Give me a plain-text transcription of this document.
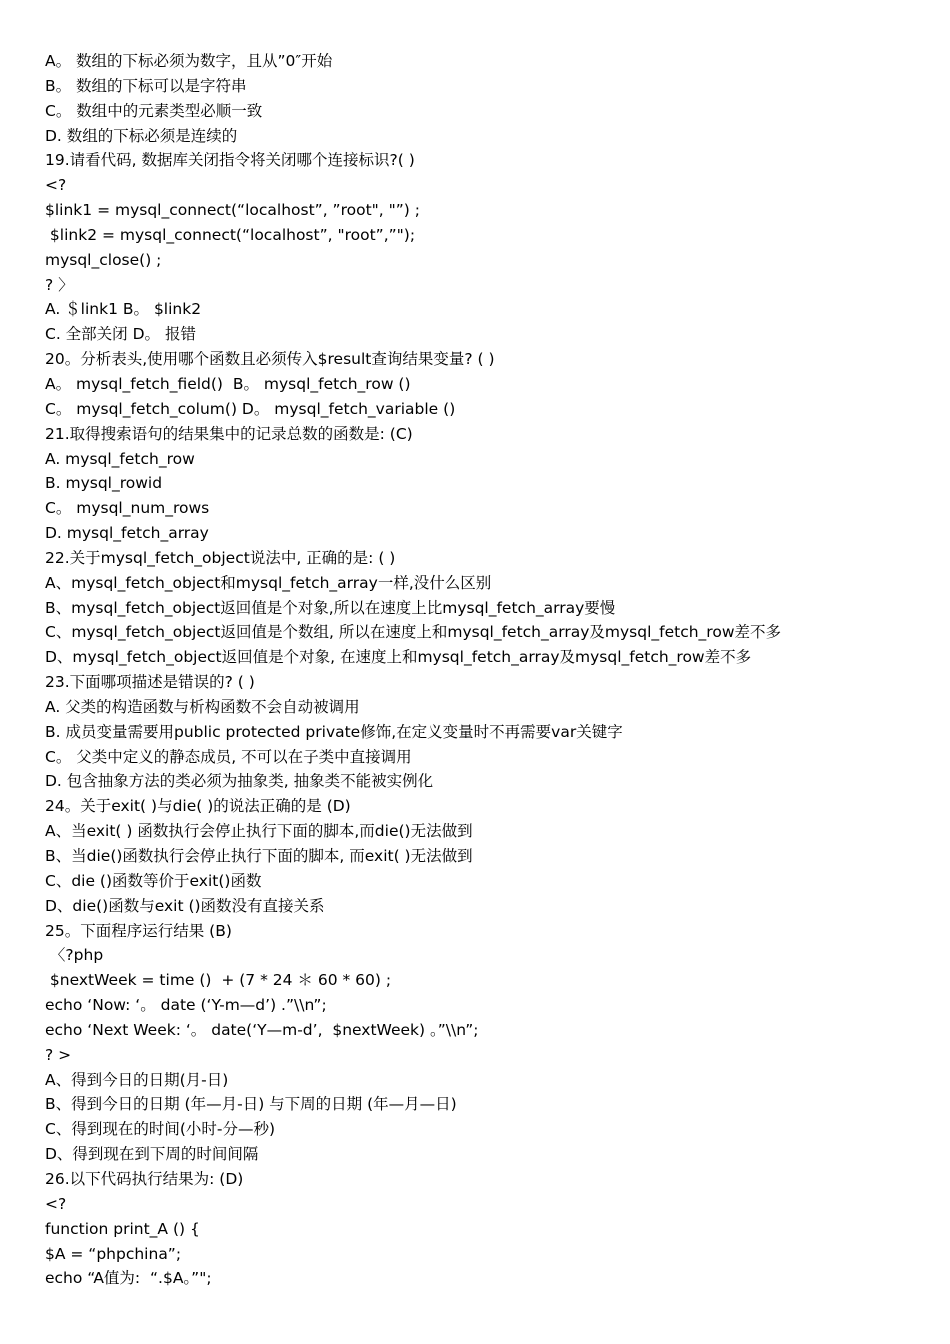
A。 数组的下标必须为数字，且从”0″开始
B。 数组的下标可以是字符串
C。 数组中的元素类型必顺一致
D. 数组的下标必须是连续的
19.请看代码, 数据库关闭指令将关闭哪个连接标识?( )
<?
$link1 = mysql_connect(“localhost”, ”root", "”) ;
$link2 = mysql_connect(“localhost”, "root”,”");
mysql_close() ;
? 〉
A. ＄link1 B。 $link2
C. 全部关闭 D。 报错
20。分析表头,使用哪个函数且必须传入$result查询结果变量? ( )
A。 mysql_fetch_field()  B。 mysql_fetch_row ()
C。 mysql_fetch_colum() D。 mysql_fetch_variable ()
21.取得搜索语句的结果集中的记录总数的函数是: (C)
A. mysql_fetch_row
B. mysql_rowid
C。 mysql_num_rows
D. mysql_fetch_array
22.关于mysql_fetch_object说法中, 正确的是: ( )
A、mysql_fetch_object和mysql_fetch_array一样,没什么区别
B、mysql_fetch_object返回值是个对象,所以在速度上比mysql_fetch_array要慢
C、mysql_fetch_object返回值是个数组, 所以在速度上和mysql_fetch_array及mysql_fetch_row差不多
D、mysql_fetch_object返回值是个对象, 在速度上和mysql_fetch_array及mysql_fetch_row差不多
23.下面哪项描述是错误的? ( )
A. 父类的构造函数与析构函数不会自动被调用
B. 成员变量需要用public protected private修饰,在定义变量时不再需要var关键字
C。 父类中定义的静态成员, 不可以在子类中直接调用
D. 包含抽象方法的类必须为抽象类, 抽象类不能被实例化
24。关于exit( )与die( )的说法正确的是 (D)
A、当exit( ) 函数执行会停止执行下面的脚本,而die()无法做到
B、当die()函数执行会停止执行下面的脚本, 而exit( )无法做到
C、die ()函数等价于exit()函数
D、die()函数与exit ()函数没有直接关系
25。下面程序运行结果 (B)
〈?php
$nextWeek = time ()  + (7 * 24 ＊ 60 * 60) ;
echo ‘Now: ‘。 date (‘Y-m—d’) .”\\n”;
echo ‘Next Week: ‘。 date(‘Y—m-d’,  $nextWeek) 。”\\n”;
? >
A、得到今日的日期(月-日)
B、得到今日的日期 (年—月-日) 与下周的日期 (年—月—日)
C、得到现在的时间(小时-分—秒)
D、得到现在到下周的时间间隔
26.以下代码执行结果为: (D)
<?
function print_A () {
$A = “phpchina”;
echo “A值为:  “.$A。”";
